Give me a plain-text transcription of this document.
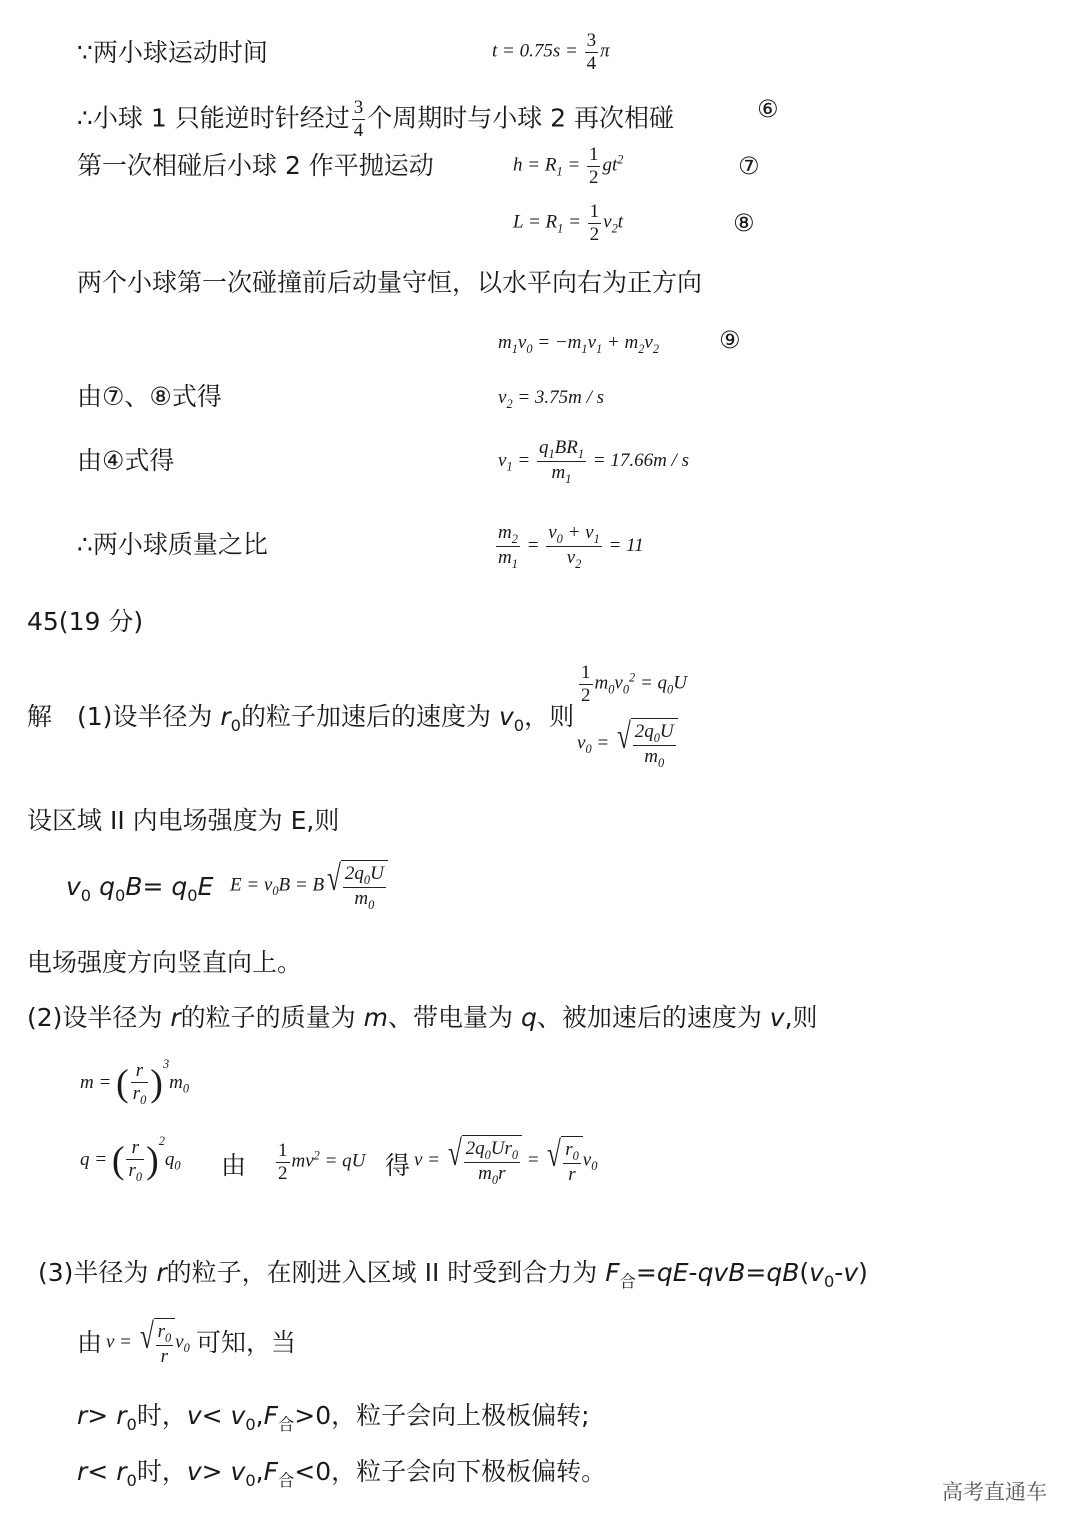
∵两小球运动时间	$t = 0.75s = \frac{3}{4}$ π
∴小球 1 只能逆时针经过 $\frac{3}{4}$ 个周期时与小球 2 再次相碰	⑥
第一次相碰后小球 2 作平抛运动	$h = R_1 = \frac{1}{2} gt^2$	⑦
$L = R_1 = \frac{1}{2} v_2t$	⑧
两个小球第一次碰撞前后动量守恒，以水平向右为正方向
$m_1v_0 = -m_1v_1 + m_2v_2$	⑨
由⑦、⑧式得	$v_2 = 3.75m / s$
由④式得	$v_1 = \frac{q_1BR_1}{m_1} = 17.66m / s$
∴两小球质量之比	$\frac{m_2}{m_1} = \frac{v_0 + v_1}{v_2} = 11$
45(19 分)
$\frac{1}{2} m_0v_0^2 = q_0U$
解　(1)设半径为 $r_0$的粒子加速后的速度为 $v_0$，则
$v_0$ = √ $\frac{2q_0U}{m_0}$
设区域 II 内电场强度为 E,则
$v_0$ $q_0B= q_0E$ $E = v_0B = B$ √ $\frac{2q_0U}{m_0}$
电场强度方向竖直向上。
(2)设半径为 r的粒子的质量为 m、带电量为 q、被加速后的速度为 v,则
m = ( $\frac{r}{r_0} )^3m_0$
q = ( $\frac{r}{r_0} )^2q_0$ 由 $\frac{1}{2} mv^2$ = qU 得 v = √ $\frac{2q_0Ur_0}{m_0r}$ = √ $\frac{r_0}{r} v_0$
(3)半径为 r的粒子，在刚进入区域 II 时受到合力为 $F_合=qE-qvB=qB(v_0-v)$
由 v = √ $\frac{r_0}{r} v_0$ 可知，当
$r> r_0$时，$v< v_0,F_合>0$，粒子会向上极板偏转;
$r< r_0$时，$v> v_0,F_合<0$，粒子会向下极板偏转。
高考直通车
